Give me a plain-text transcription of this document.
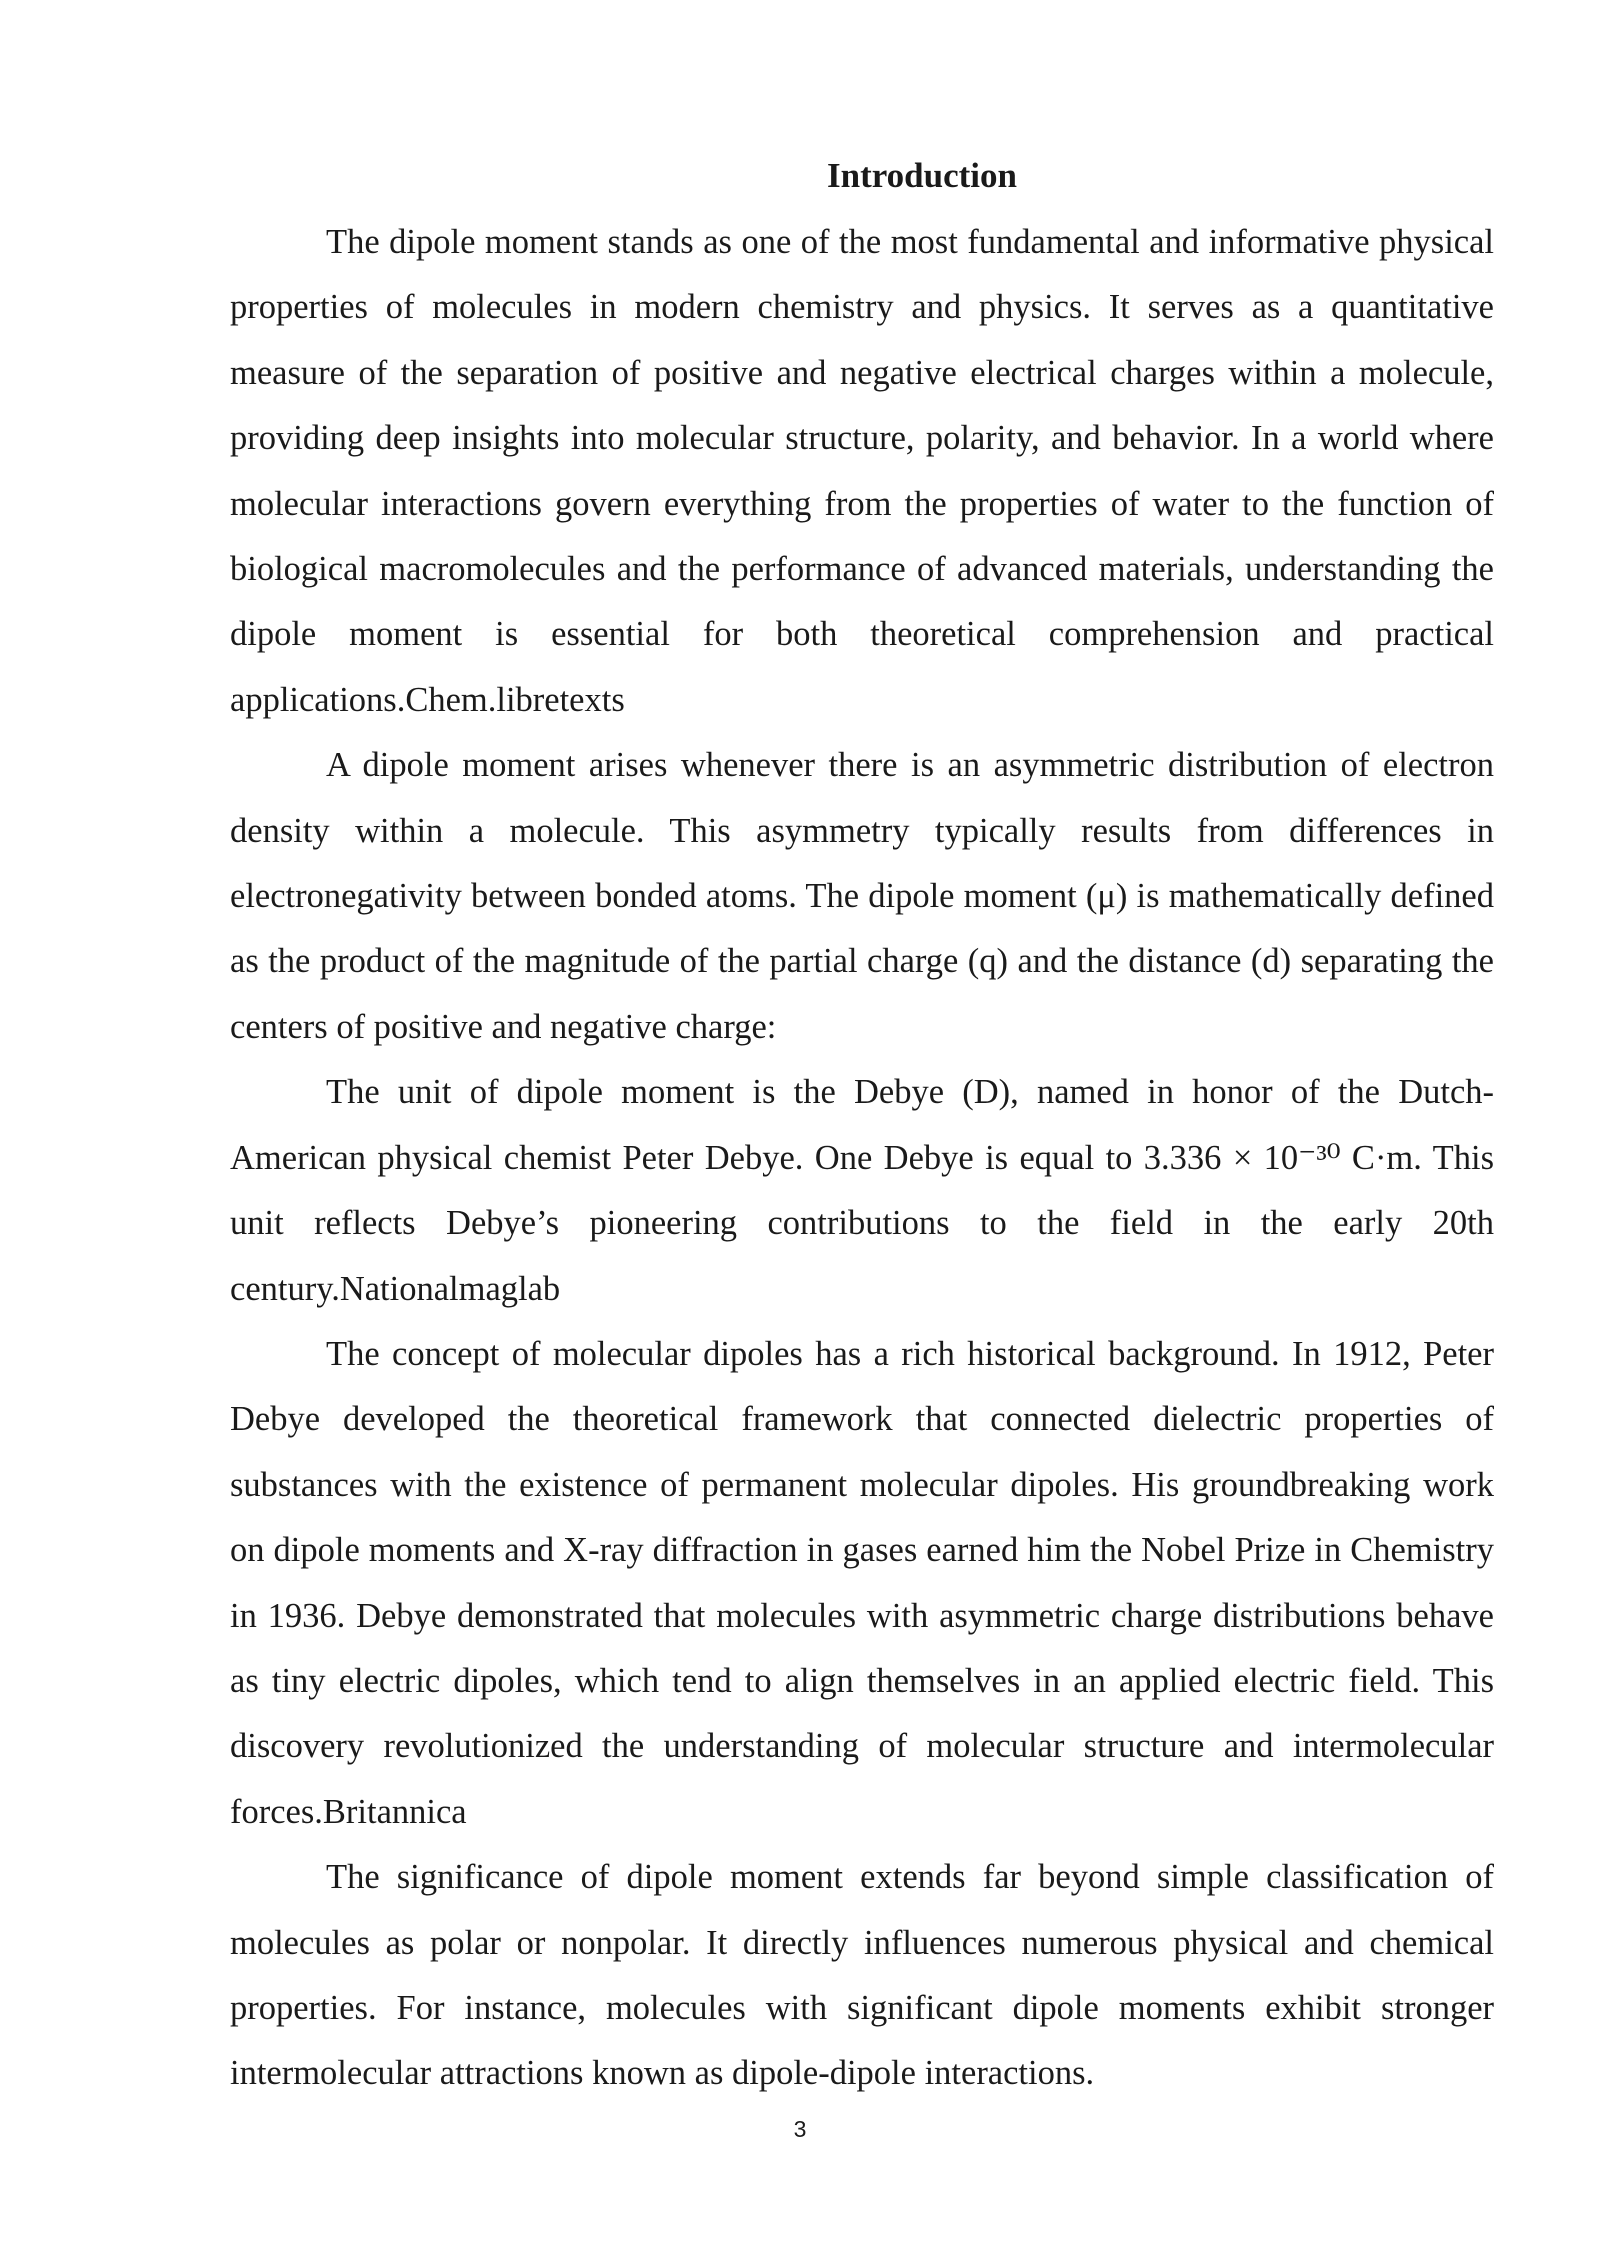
Introduction

The dipole moment stands as one of the most fundamental and informative physical properties of molecules in modern chemistry and physics. It serves as a quantitative measure of the separation of positive and negative electrical charges within a molecule, providing deep insights into molecular structure, polarity, and behavior. In a world where molecular interactions govern everything from the properties of water to the function of biological macromolecules and the performance of advanced materials, understanding the dipole moment is essential for both theoretical comprehension and practical applications.Chem.libretexts

A dipole moment arises whenever there is an asymmetric distribution of electron density within a molecule. This asymmetry typically results from differences in electronegativity between bonded atoms. The dipole moment (μ) is mathematically defined as the product of the magnitude of the partial charge (q) and the distance (d) separating the centers of positive and negative charge:

The unit of dipole moment is the Debye (D), named in honor of the Dutch-American physical chemist Peter Debye. One Debye is equal to 3.336 × 10⁻³⁰ C·m. This unit reflects Debye’s pioneering contributions to the field in the early 20th century.Nationalmaglab

The concept of molecular dipoles has a rich historical background. In 1912, Peter Debye developed the theoretical framework that connected dielectric properties of substances with the existence of permanent molecular dipoles. His groundbreaking work on dipole moments and X-ray diffraction in gases earned him the Nobel Prize in Chemistry in 1936. Debye demonstrated that molecules with asymmetric charge distributions behave as tiny electric dipoles, which tend to align themselves in an applied electric field. This discovery revolutionized the understanding of molecular structure and intermolecular forces.Britannica

The significance of dipole moment extends far beyond simple classification of molecules as polar or nonpolar. It directly influences numerous physical and chemical properties. For instance, molecules with significant dipole moments exhibit stronger intermolecular attractions known as dipole-dipole interactions.

3
